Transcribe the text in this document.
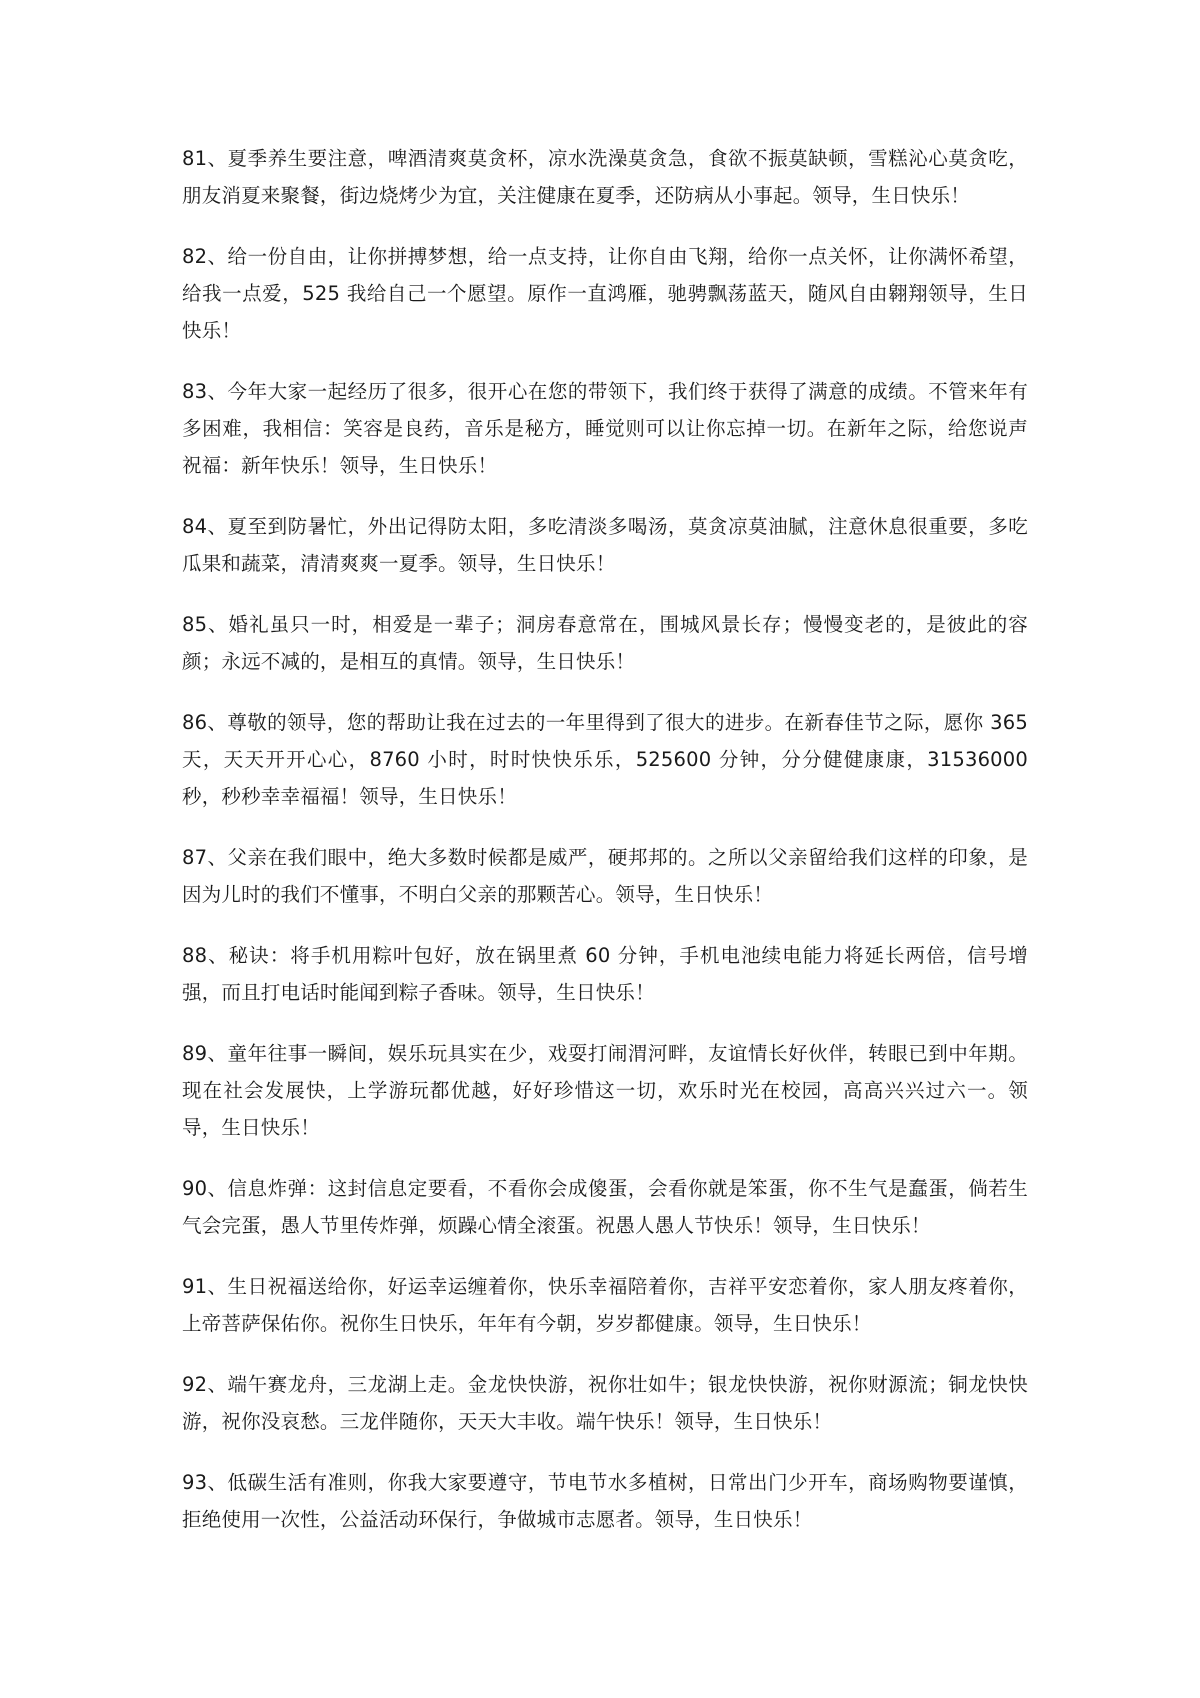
81、夏季养生要注意，啤酒清爽莫贪杯，凉水洗澡莫贪急，食欲不振莫缺顿，雪糕沁心莫贪吃，朋友消夏来聚餐，街边烧烤少为宜，关注健康在夏季，还防病从小事起。领导，生日快乐！

82、给一份自由，让你拼搏梦想，给一点支持，让你自由飞翔，给你一点关怀，让你满怀希望，给我一点爱，525 我给自己一个愿望。原作一直鸿雁，驰骋飘荡蓝天，随风自由翱翔领导，生日快乐！

83、今年大家一起经历了很多，很开心在您的带领下，我们终于获得了满意的成绩。不管来年有多困难，我相信：笑容是良药，音乐是秘方，睡觉则可以让你忘掉一切。在新年之际，给您说声祝福：新年快乐！领导，生日快乐！

84、夏至到防暑忙，外出记得防太阳，多吃清淡多喝汤，莫贪凉莫油腻，注意休息很重要，多吃瓜果和蔬菜，清清爽爽一夏季。领导，生日快乐！

85、婚礼虽只一时，相爱是一辈子；洞房春意常在，围城风景长存；慢慢变老的，是彼此的容颜；永远不减的，是相互的真情。领导，生日快乐！

86、尊敬的领导，您的帮助让我在过去的一年里得到了很大的进步。在新春佳节之际，愿你 365 天，天天开开心心，8760 小时，时时快快乐乐，525600 分钟，分分健健康康，31536000 秒，秒秒幸幸福福！领导，生日快乐！

87、父亲在我们眼中，绝大多数时候都是威严，硬邦邦的。之所以父亲留给我们这样的印象，是因为儿时的我们不懂事，不明白父亲的那颗苦心。领导，生日快乐！

88、秘诀：将手机用粽叶包好，放在锅里煮 60 分钟，手机电池续电能力将延长两倍，信号增强，而且打电话时能闻到粽子香味。领导，生日快乐！

89、童年往事一瞬间，娱乐玩具实在少，戏耍打闹渭河畔，友谊情长好伙伴，转眼已到中年期。现在社会发展快，上学游玩都优越，好好珍惜这一切，欢乐时光在校园，高高兴兴过六一。领导，生日快乐！

90、信息炸弹：这封信息定要看，不看你会成傻蛋，会看你就是笨蛋，你不生气是蠢蛋，倘若生气会完蛋，愚人节里传炸弹，烦躁心情全滚蛋。祝愚人愚人节快乐！领导，生日快乐！

91、生日祝福送给你，好运幸运缠着你，快乐幸福陪着你，吉祥平安恋着你，家人朋友疼着你，上帝菩萨保佑你。祝你生日快乐，年年有今朝，岁岁都健康。领导，生日快乐！

92、端午赛龙舟，三龙湖上走。金龙快快游，祝你壮如牛；银龙快快游，祝你财源流；铜龙快快游，祝你没哀愁。三龙伴随你，天天大丰收。端午快乐！领导，生日快乐！

93、低碳生活有准则，你我大家要遵守，节电节水多植树，日常出门少开车，商场购物要谨慎，拒绝使用一次性，公益活动环保行，争做城市志愿者。领导，生日快乐！
